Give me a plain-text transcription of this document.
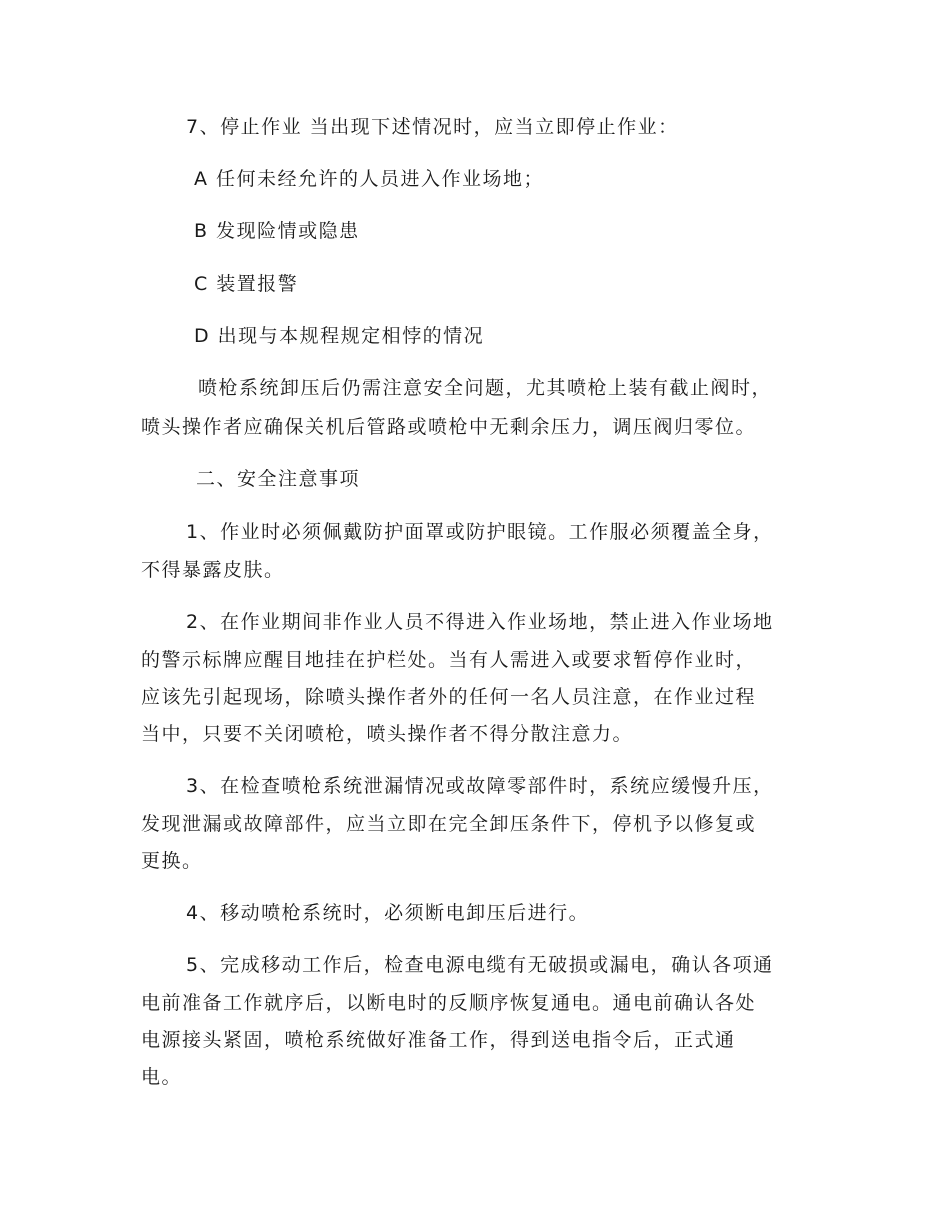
7、停止作业 当出现下述情况时，应当立即停止作业：
A 任何未经允许的人员进入作业场地；
B 发现险情或隐患
C 装置报警
D 出现与本规程规定相悖的情况
喷枪系统卸压后仍需注意安全问题，尤其喷枪上装有截止阀时，
喷头操作者应确保关机后管路或喷枪中无剩余压力，调压阀归零位。
二、安全注意事项
1、作业时必须佩戴防护面罩或防护眼镜。工作服必须覆盖全身，
不得暴露皮肤。
2、在作业期间非作业人员不得进入作业场地，禁止进入作业场地
的警示标牌应醒目地挂在护栏处。当有人需进入或要求暂停作业时，
应该先引起现场，除喷头操作者外的任何一名人员注意，在作业过程
当中，只要不关闭喷枪，喷头操作者不得分散注意力。
3、在检查喷枪系统泄漏情况或故障零部件时，系统应缓慢升压，
发现泄漏或故障部件，应当立即在完全卸压条件下，停机予以修复或
更换。
4、移动喷枪系统时，必须断电卸压后进行。
5、完成移动工作后，检查电源电缆有无破损或漏电，确认各项通
电前准备工作就序后，以断电时的反顺序恢复通电。通电前确认各处
电源接头紧固，喷枪系统做好准备工作，得到送电指令后，正式通
电。
